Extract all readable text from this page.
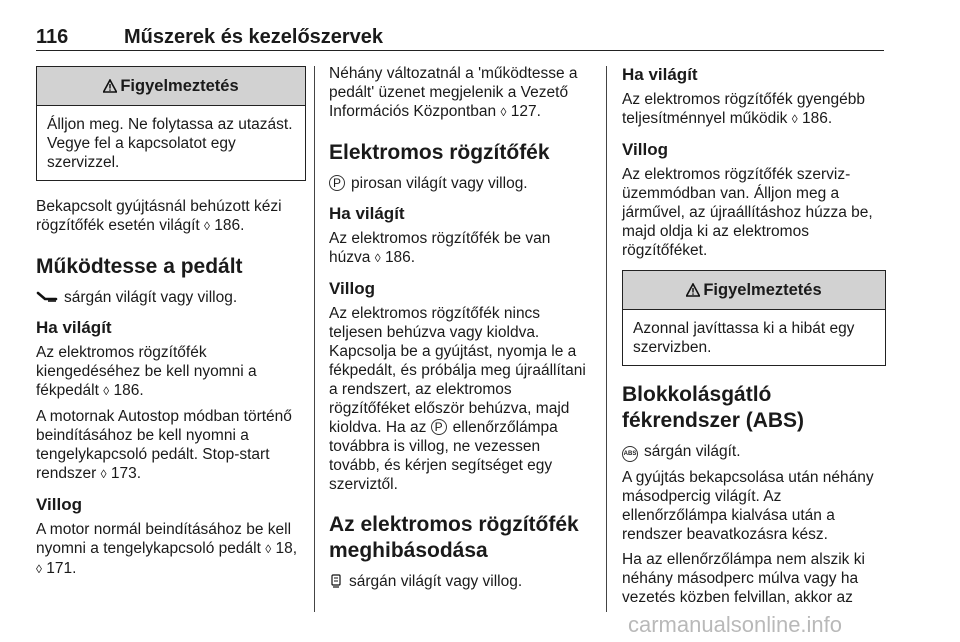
116	Műszerek és kezelőszervek
Figyelmeztetés
Álljon meg. Ne folytassa az utazást. Vegye fel a kapcsolatot egy szervizzel.

Bekapcsolt gyújtásnál behúzott kézi rögzítőfék esetén világít ◊ 186.

Működtesse a pedált

sárgán világít vagy villog.

Ha világít

Az elektromos rögzítőfék kiengedéséhez be kell nyomni a fékpedált ◊ 186.

A motornak Autostop módban történő beindításához be kell nyomni a tengelykapcsoló pedált. Stop-start rendszer ◊ 173.

Villog

A motor normál beindításához be kell nyomni a tengelykapcsoló pedált ◊ 18, ◊ 171.

Néhány változatnál a 'működtesse a pedált' üzenet megjelenik a Vezető Információs Központban ◊ 127.

Elektromos rögzítőfék

P pirosan világít vagy villog.

Ha világít

Az elektromos rögzítőfék be van húzva ◊ 186.

Villog

Az elektromos rögzítőfék nincs teljesen behúzva vagy kioldva. Kapcsolja be a gyújtást, nyomja le a fékpedált, és próbálja meg újraállítani a rendszert, az elektromos rögzítőféket először behúzva, majd kioldva. Ha az P ellenőrzőlámpa továbbra is villog, ne vezessen tovább, és kérjen segítséget egy szerviztől.

Az elektromos rögzítőfék meghibásodása

sárgán világít vagy villog.

Ha világít

Az elektromos rögzítőfék gyengébb teljesítménnyel működik ◊ 186.

Villog

Az elektromos rögzítőfék szerviz-üzemmódban van. Álljon meg a járművel, az újraállításhoz húzza be, majd oldja ki az elektromos rögzítőféket.

Figyelmeztetés
Azonnal javíttassa ki a hibát egy szervizben.
Blokkolásgátló fékrendszer (ABS)

ABS sárgán világít.

A gyújtás bekapcsolása után néhány másodpercig világít. Az ellenőrzőlámpa kialvása után a rendszer beavatkozásra kész.

Ha az ellenőrzőlámpa nem alszik ki néhány másodperc múlva vagy ha vezetés közben felvillan, akkor az

carmanualsonline.info
